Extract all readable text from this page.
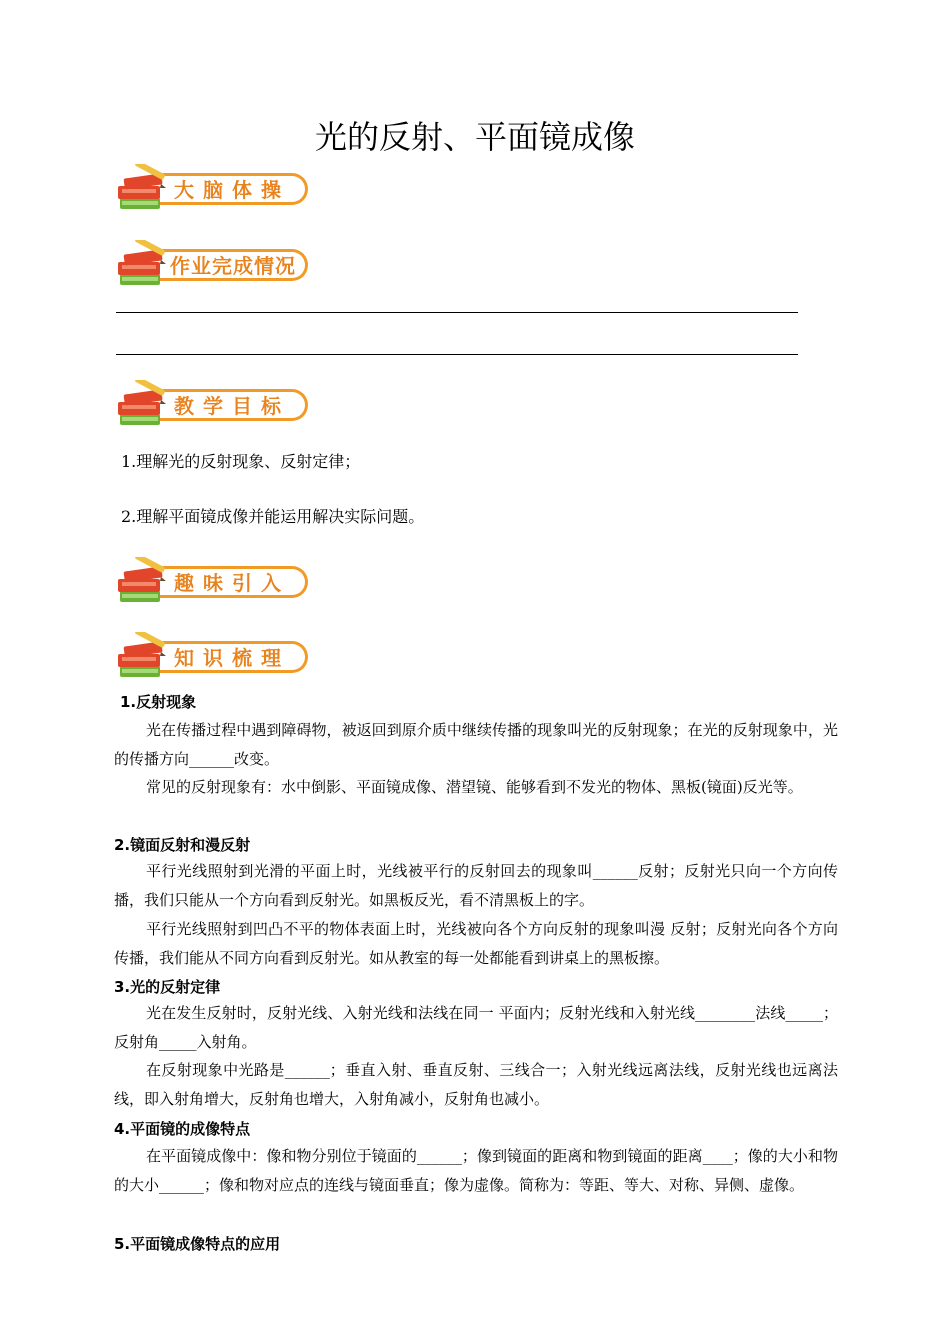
光的反射、平面镜成像
大脑体操
作业完成情况
教学目标
1.理解光的反射现象、反射定律；
2.理解平面镜成像并能运用解决实际问题。
趣味引入
知识梳理
1.反射现象
光在传播过程中遇到障碍物，被返回到原介质中继续传播的现象叫光的反射现象；在光的反射现象中，光的传播方向______改变。
常见的反射现象有：水中倒影、平面镜成像、潜望镜、能够看到不发光的物体、黑板(镜面)反光等。
2.镜面反射和漫反射
平行光线照射到光滑的平面上时，光线被平行的反射回去的现象叫______反射；反射光只向一个方向传播，我们只能从一个方向看到反射光。如黑板反光，看不清黑板上的字。
平行光线照射到凹凸不平的物体表面上时，光线被向各个方向反射的现象叫漫 反射；反射光向各个方向传播，我们能从不同方向看到反射光。如从教室的每一处都能看到讲桌上的黑板擦。
3.光的反射定律
光在发生反射时，反射光线、入射光线和法线在同一 平面内；反射光线和入射光线________法线_____；反射角_____入射角。
在反射现象中光路是______；垂直入射、垂直反射、三线合一；入射光线远离法线，反射光线也远离法线，即入射角增大，反射角也增大，入射角减小，反射角也减小。
4.平面镜的成像特点
在平面镜成像中：像和物分别位于镜面的______；像到镜面的距离和物到镜面的距离____；像的大小和物的大小______；像和物对应点的连线与镜面垂直；像为虚像。简称为：等距、等大、对称、异侧、虚像。
5.平面镜成像特点的应用
